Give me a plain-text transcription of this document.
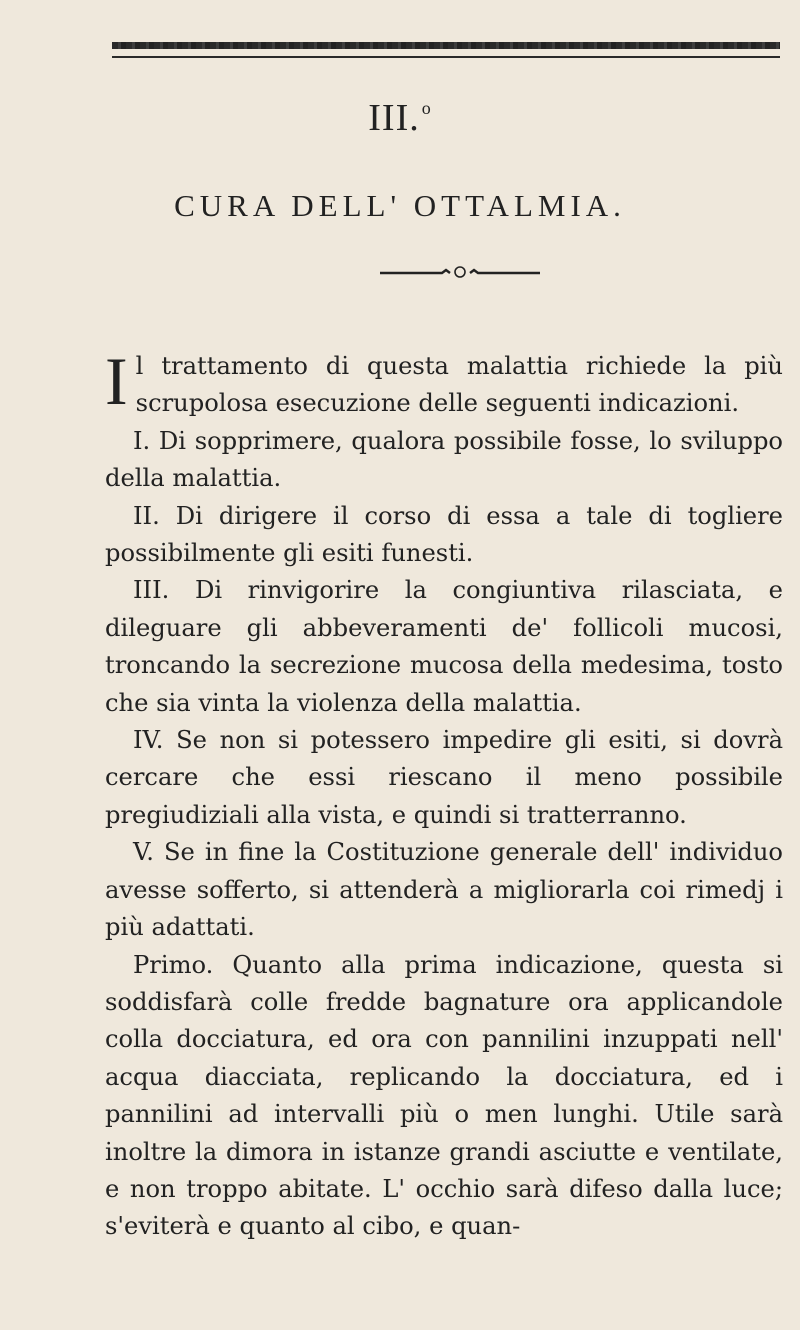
III. $^o$
CURA DELL' OTTALMIA.

Il trattamento di questa malattia richiede la più scrupolosa esecuzione delle seguenti indicazioni.

I. Di sopprimere, qualora possibile fosse, lo sviluppo della malattia.

II. Di dirigere il corso di essa a tale di toglierе possibilmente gli esiti funesti.

III. Di rinvigorire la congiuntiva rilasciata, e dileguare gli abbeveramenti de' follicoli mucosi, troncando la secrezione mucosa della medesima, tosto che sia vinta la violenza della malattia.

IV. Se non si potessero impedire gli esiti, si dovrà cercare che essi riescano il meno possibile pregiudiziali alla vista, e quindi si tratterranno.

V. Se in fine la Costituzione generale dell' individuo avesse sofferto, si attenderà a migliorarla coi rimedj i più adattati.

Primo. Quanto alla prima indicazione, questa si soddisfarà colle fredde bagnature ora applicandole colla docciatura, ed ora con pannilini inzuppati nell' acqua diacciata, replicando la docciatura, ed i pannilini ad intervalli più o men lunghi. Utile sarà inoltre la dimora in istanze grandi asciutte e ventilate, e non troppo abitate. L' occhio sarà difeso dalla luce; s'eviterà e quanto al cibo, e quan-
